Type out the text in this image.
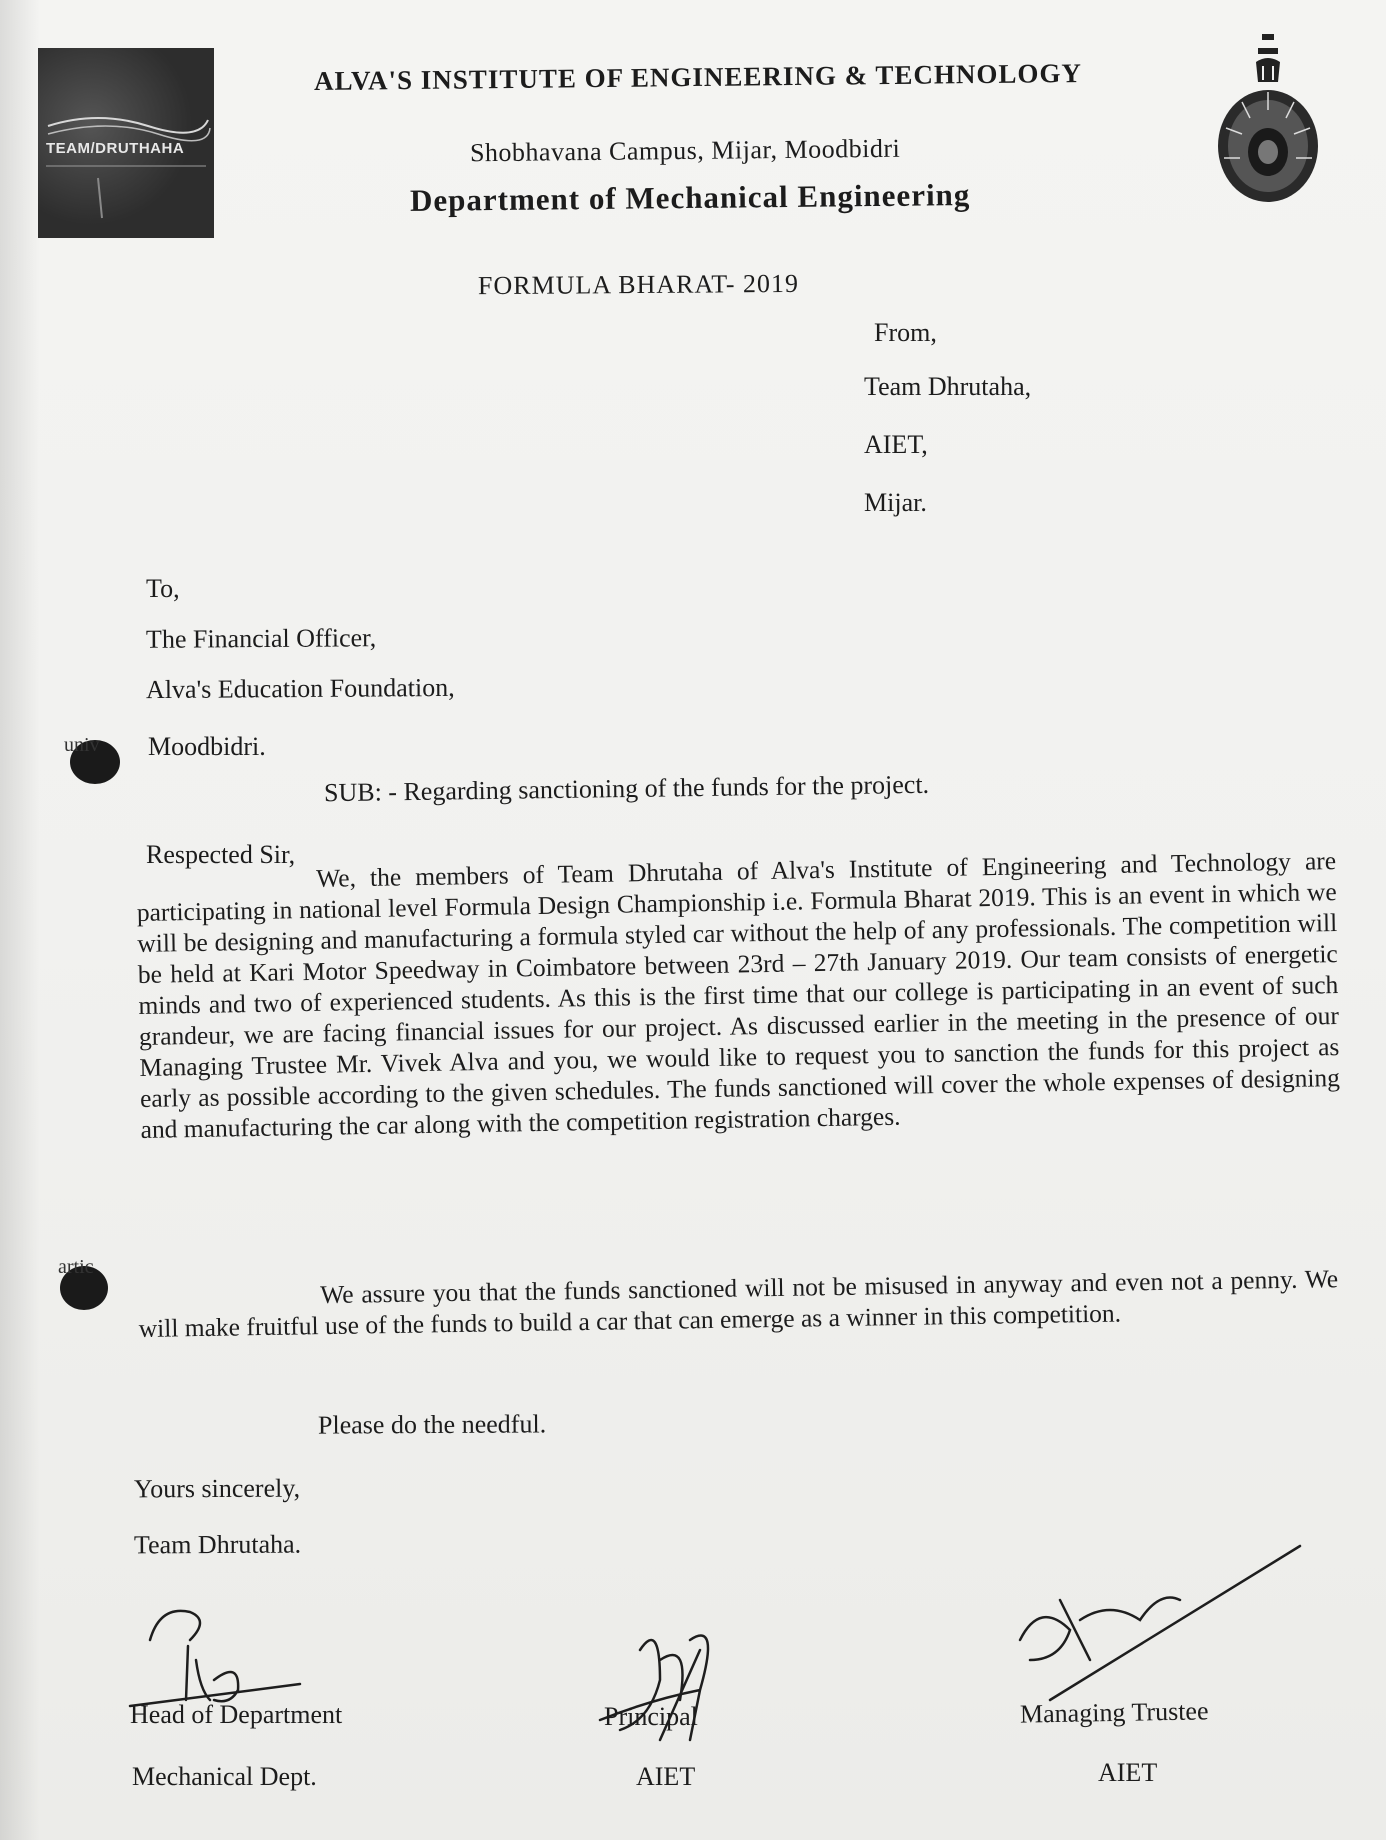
TEAM/DRUTHAHA
ALVA'S INSTITUTE OF ENGINEERING & TECHNOLOGY
Shobhavana Campus, Mijar, Moodbidri
Department of Mechanical Engineering
FORMULA BHARAT- 2019
From,
Team Dhrutaha,
AIET,
Mijar.
To,
The Financial Officer,
Alva's Education Foundation,
Moodbidri.
univ
artic
SUB: - Regarding sanctioning of the funds for the project.
Respected Sir, We, the members of Team Dhrutaha of Alva's Institute of Engineering and Technology are participating in national level Formula Design Championship i.e. Formula Bharat 2019. This is an event in which we will be designing and manufacturing a formula styled car without the help of any professionals. The competition will be held at Kari Motor Speedway in Coimbatore between 23rd – 27th January 2019. Our team consists of energetic minds and two of experienced students. As this is the first time that our college is participating in an event of such grandeur, we are facing financial issues for our project. As discussed earlier in the meeting in the presence of our Managing Trustee Mr. Vivek Alva and you, we would like to request you to sanction the funds for this project as early as possible according to the given schedules. The funds sanctioned will cover the whole expenses of designing and manufacturing the car along with the competition registration charges.
We assure you that the funds sanctioned will not be misused in anyway and even not a penny. We will make fruitful use of the funds to build a car that can emerge as a winner in this competition.
Please do the needful.
Yours sincerely,
Team Dhrutaha.
Head of Department
Mechanical Dept.
Principal
AIET
Managing Trustee
AIET
